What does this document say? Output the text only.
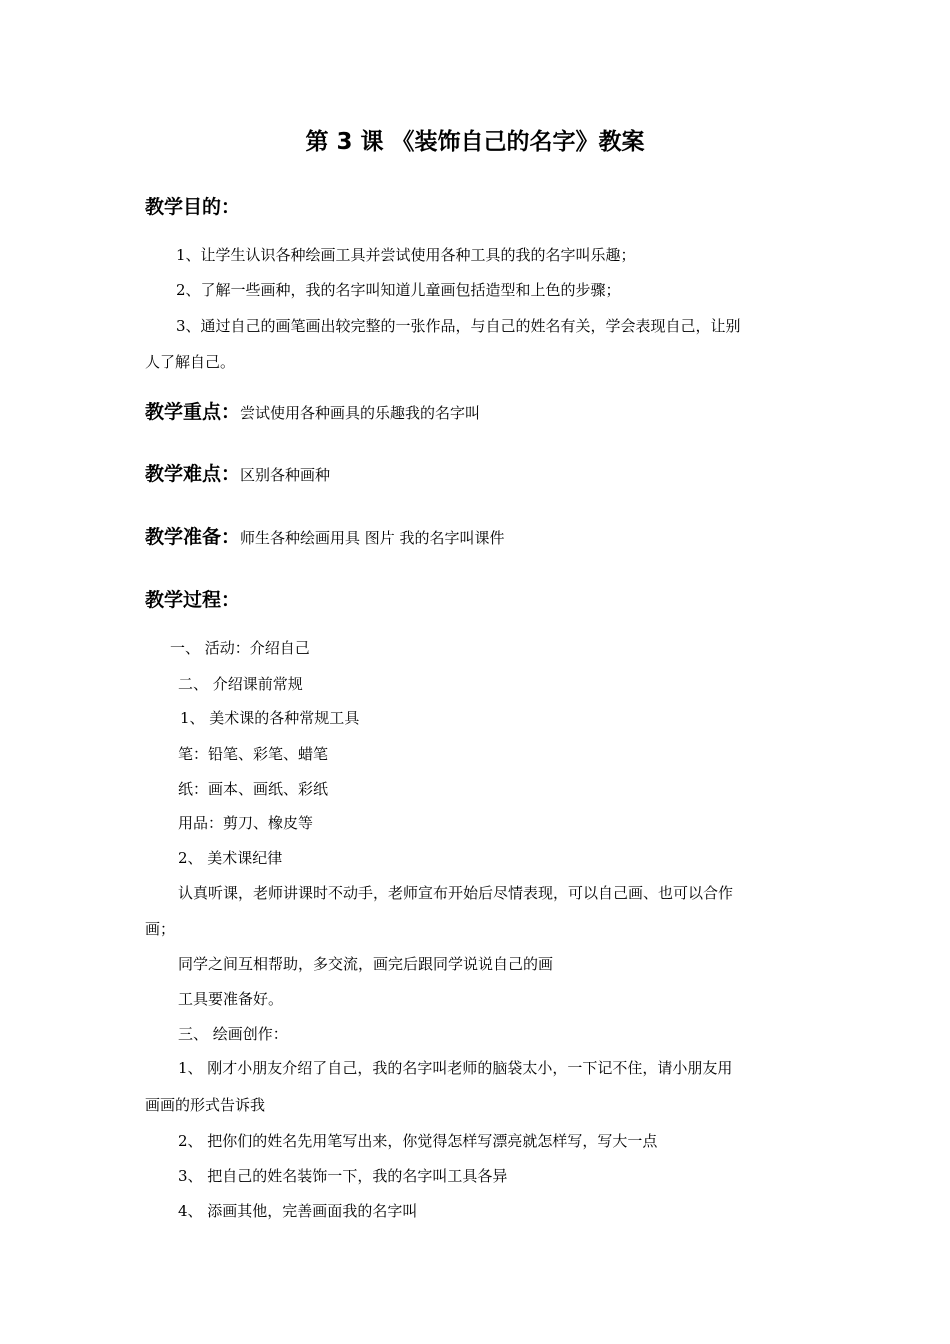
第 3 课 《装饰自己的名字》教案
教学目的：
1、让学生认识各种绘画工具并尝试使用各种工具的我的名字叫乐趣；
2、了解一些画种，我的名字叫知道儿童画包括造型和上色的步骤；
3、通过自己的画笔画出较完整的一张作品，与自己的姓名有关，学会表现自己，让别
人了解自己。
教学重点：尝试使用各种画具的乐趣我的名字叫
教学难点：区别各种画种
教学准备：师生各种绘画用具 图片 我的名字叫课件
教学过程：
一、 活动：介绍自己
二、 介绍课前常规
1、 美术课的各种常规工具
笔：铅笔、彩笔、蜡笔
纸：画本、画纸、彩纸
用品：剪刀、橡皮等
2、 美术课纪律
认真听课，老师讲课时不动手，老师宣布开始后尽情表现，可以自己画、也可以合作
画；
同学之间互相帮助，多交流，画完后跟同学说说自己的画
工具要准备好。
三、 绘画创作：
1、 刚才小朋友介绍了自己，我的名字叫老师的脑袋太小，一下记不住，请小朋友用
画画的形式告诉我
2、 把你们的姓名先用笔写出来，你觉得怎样写漂亮就怎样写，写大一点
3、 把自己的姓名装饰一下，我的名字叫工具各异
4、 添画其他，完善画面我的名字叫
